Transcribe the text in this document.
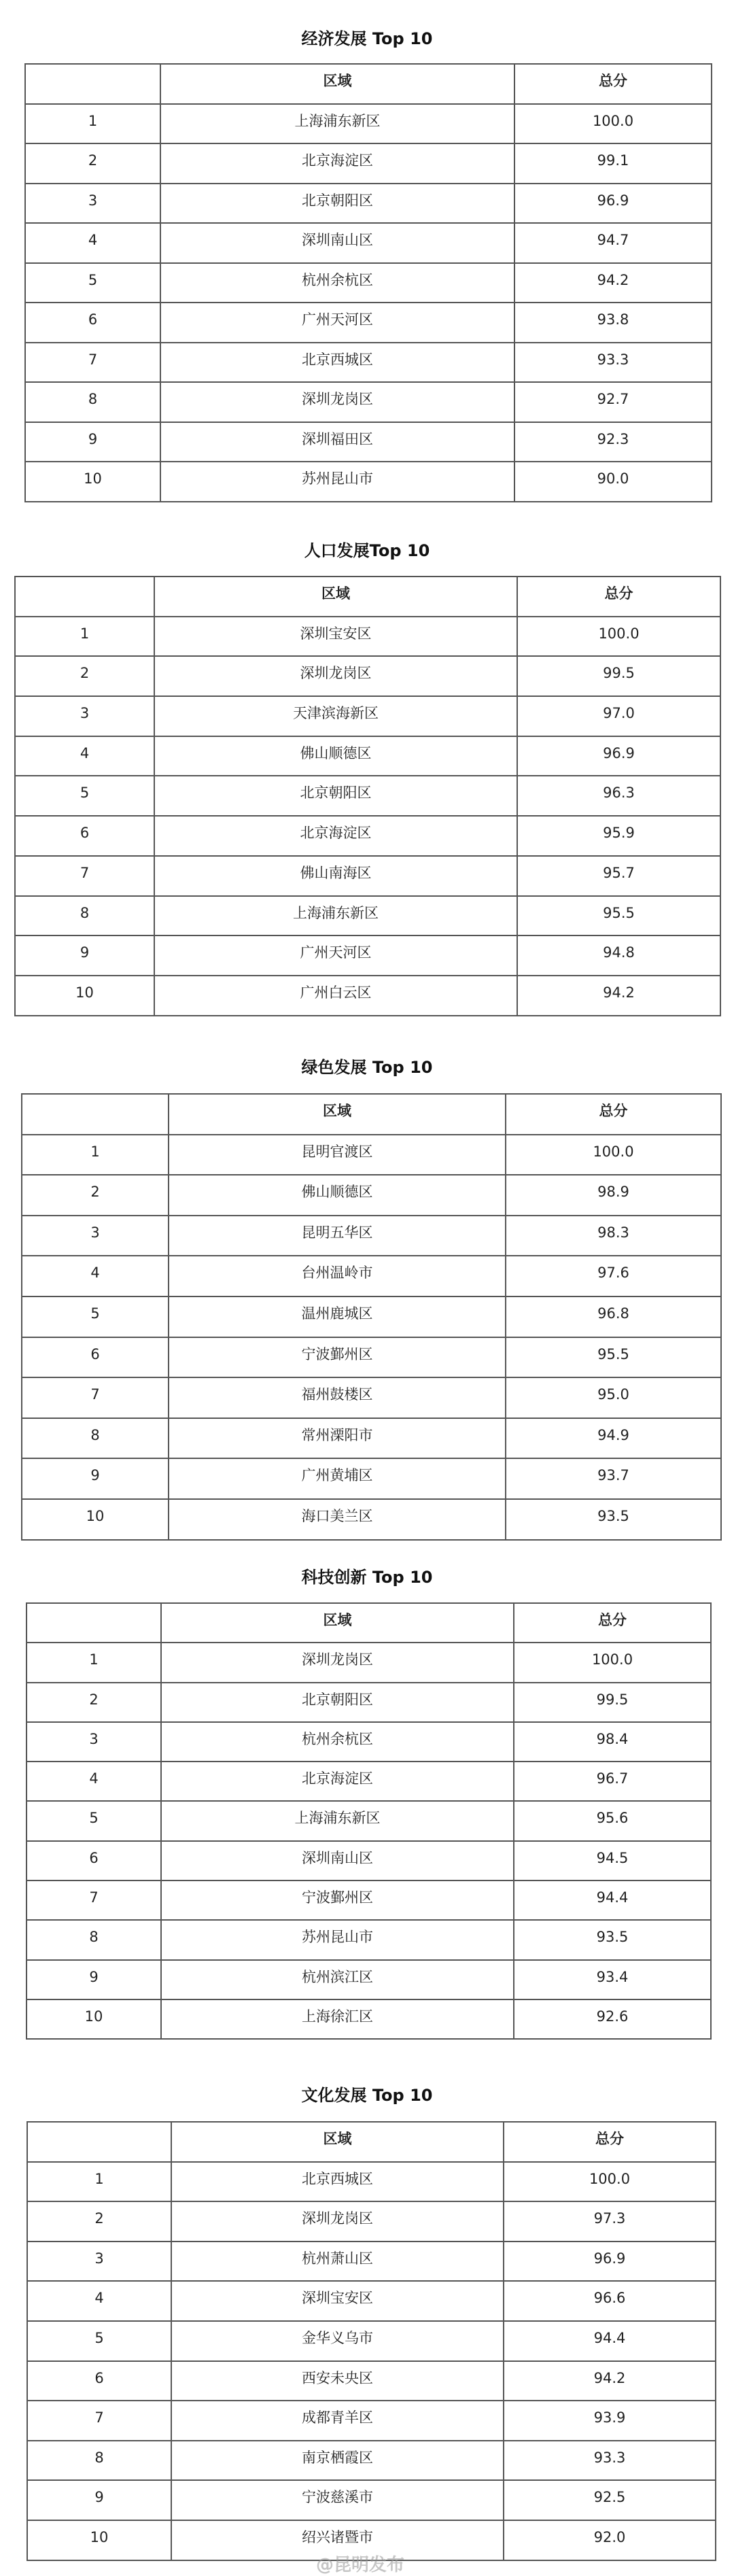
经济发展 Top 10
	区域	总分
1	上海浦东新区	100.0
2	北京海淀区	99.1
3	北京朝阳区	96.9
4	深圳南山区	94.7
5	杭州余杭区	94.2
6	广州天河区	93.8
7	北京西城区	93.3
8	深圳龙岗区	92.7
9	深圳福田区	92.3
10	苏州昆山市	90.0
人口发展Top 10
	区域	总分
1	深圳宝安区	100.0
2	深圳龙岗区	99.5
3	天津滨海新区	97.0
4	佛山顺德区	96.9
5	北京朝阳区	96.3
6	北京海淀区	95.9
7	佛山南海区	95.7
8	上海浦东新区	95.5
9	广州天河区	94.8
10	广州白云区	94.2
绿色发展 Top 10
	区域	总分
1	昆明官渡区	100.0
2	佛山顺德区	98.9
3	昆明五华区	98.3
4	台州温岭市	97.6
5	温州鹿城区	96.8
6	宁波鄞州区	95.5
7	福州鼓楼区	95.0
8	常州溧阳市	94.9
9	广州黄埔区	93.7
10	海口美兰区	93.5
科技创新 Top 10
	区域	总分
1	深圳龙岗区	100.0
2	北京朝阳区	99.5
3	杭州余杭区	98.4
4	北京海淀区	96.7
5	上海浦东新区	95.6
6	深圳南山区	94.5
7	宁波鄞州区	94.4
8	苏州昆山市	93.5
9	杭州滨江区	93.4
10	上海徐汇区	92.6
文化发展 Top 10
	区域	总分
1	北京西城区	100.0
2	深圳龙岗区	97.3
3	杭州萧山区	96.9
4	深圳宝安区	96.6
5	金华义乌市	94.4
6	西安未央区	94.2
7	成都青羊区	93.9
8	南京栖霞区	93.3
9	宁波慈溪市	92.5
10	绍兴诸暨市	92.0
@昆明发布
